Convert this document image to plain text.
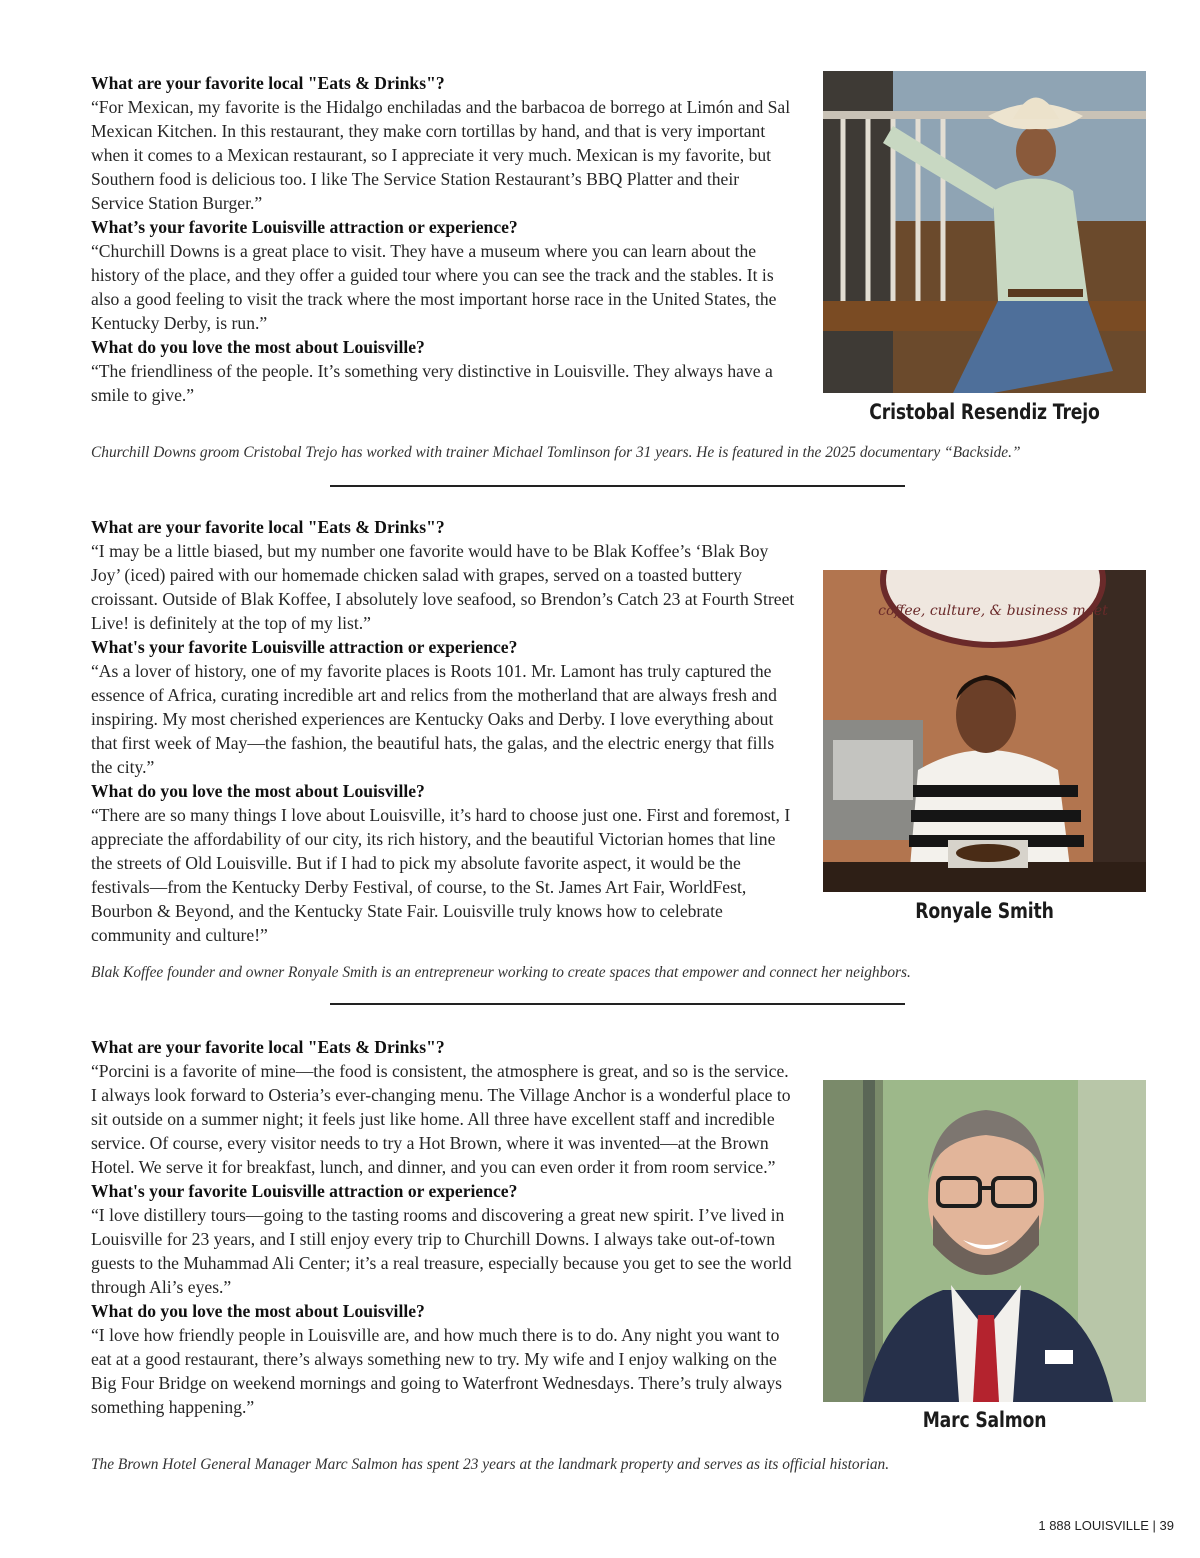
What are your favorite local "Eats & Drinks"?

“For Mexican, my favorite is the Hidalgo enchiladas and the barbacoa de borrego at Limón and Sal Mexican Kitchen. In this restaurant, they make corn tortillas by hand, and that is very important when it comes to a Mexican restaurant, so I appreciate it very much. Mexican is my favorite, but Southern food is delicious too. I like The Service Station Restaurant’s BBQ Platter and their Service Station Burger.”

What’s your favorite Louisville attraction or experience?

“Churchill Downs is a great place to visit. They have a museum where you can learn about the history of the place, and they offer a guided tour where you can see the track and the stables. It is also a good feeling to visit the track where the most important horse race in the United States, the Kentucky Derby, is run.”

What do you love the most about Louisville?

“The friendliness of the people. It’s something very distinctive in Louisville. They always have a smile to give.”

Cristobal Resendiz Trejo
Churchill Downs groom Cristobal Trejo has worked with trainer Michael Tomlinson for 31 years. He is featured in the 2025 documentary “Backside.”

What are your favorite local "Eats & Drinks"?

“I may be a little biased, but my number one favorite would have to be Blak Koffee’s ‘Blak Boy Joy’ (iced) paired with our homemade chicken salad with grapes, served on a toasted buttery croissant. Outside of Blak Koffee, I absolutely love seafood, so Brendon’s Catch 23 at Fourth Street Live! is definitely at the top of my list.”

What's your favorite Louisville attraction or experience?

“As a lover of history, one of my favorite places is Roots 101. Mr. Lamont has truly captured the essence of Africa, curating incredible art and relics from the motherland that are always fresh and inspiring. My most cherished experiences are Kentucky Oaks and Derby. I love everything about that first week of May—the fashion, the beautiful hats, the galas, and the electric energy that fills the city.”

What do you love the most about Louisville?

“There are so many things I love about Louisville, it’s hard to choose just one. First and foremost, I appreciate the affordability of our city, its rich history, and the beautiful Victorian homes that line the streets of Old Louisville. But if I had to pick my absolute favorite aspect, it would be the festivals—from the Kentucky Derby Festival, of course, to the St. James Art Fair, WorldFest, Bourbon & Beyond, and the Kentucky State Fair. Louisville truly knows how to celebrate community and culture!”

coffee, culture, & business meet
Ronyale Smith
Blak Koffee founder and owner Ronyale Smith is an entrepreneur working to create spaces that empower and connect her neighbors.

What are your favorite local "Eats & Drinks"?

“Porcini is a favorite of mine—the food is consistent, the atmosphere is great, and so is the service. I always look forward to Osteria’s ever-changing menu. The Village Anchor is a wonderful place to sit outside on a summer night; it feels just like home. All three have excellent staff and incredible service. Of course, every visitor needs to try a Hot Brown, where it was invented—at the Brown Hotel. We serve it for breakfast, lunch, and dinner, and you can even order it from room service.”

What's your favorite Louisville attraction or experience?

“I love distillery tours—going to the tasting rooms and discovering a great new spirit. I’ve lived in Louisville for 23 years, and I still enjoy every trip to Churchill Downs. I always take out-of-town guests to the Muhammad Ali Center; it’s a real treasure, especially because you get to see the world through Ali’s eyes.”

What do you love the most about Louisville?

“I love how friendly people in Louisville are, and how much there is to do. Any night you want to eat at a good restaurant, there’s always something new to try. My wife and I enjoy walking on the Big Four Bridge on weekend mornings and going to Waterfront Wednesdays. There’s truly always something happening.”

Marc Salmon
The Brown Hotel General Manager Marc Salmon has spent 23 years at the landmark property and serves as its official historian.
1 888 LOUISVILLE | 39
